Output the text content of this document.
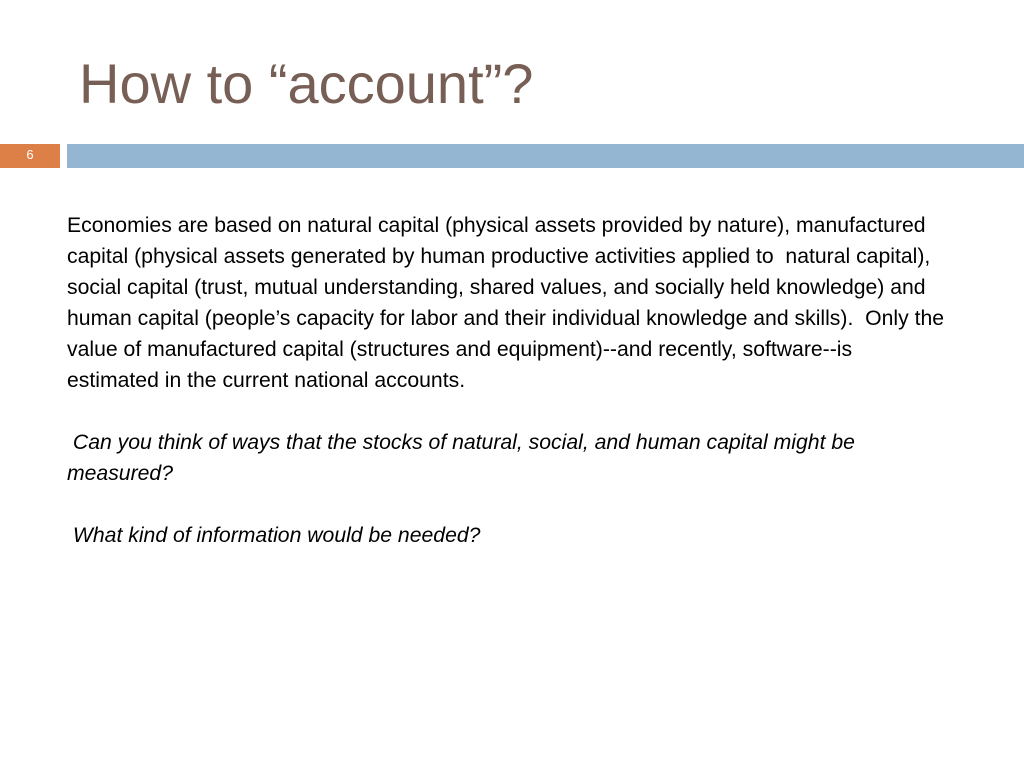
How to “account”?
6

Economies are based on natural capital (physical assets provided by nature), manufactured capital (physical assets generated by human productive activities applied to  natural capital), social capital (trust, mutual understanding, shared values, and socially held knowledge) and human capital (people’s capacity for labor and their individual knowledge and skills).  Only the value of manufactured capital (structures and equipment)--and recently, software--is estimated in the current national accounts.

Can you think of ways that the stocks of natural, social, and human capital might be measured?

What kind of information would be needed?
